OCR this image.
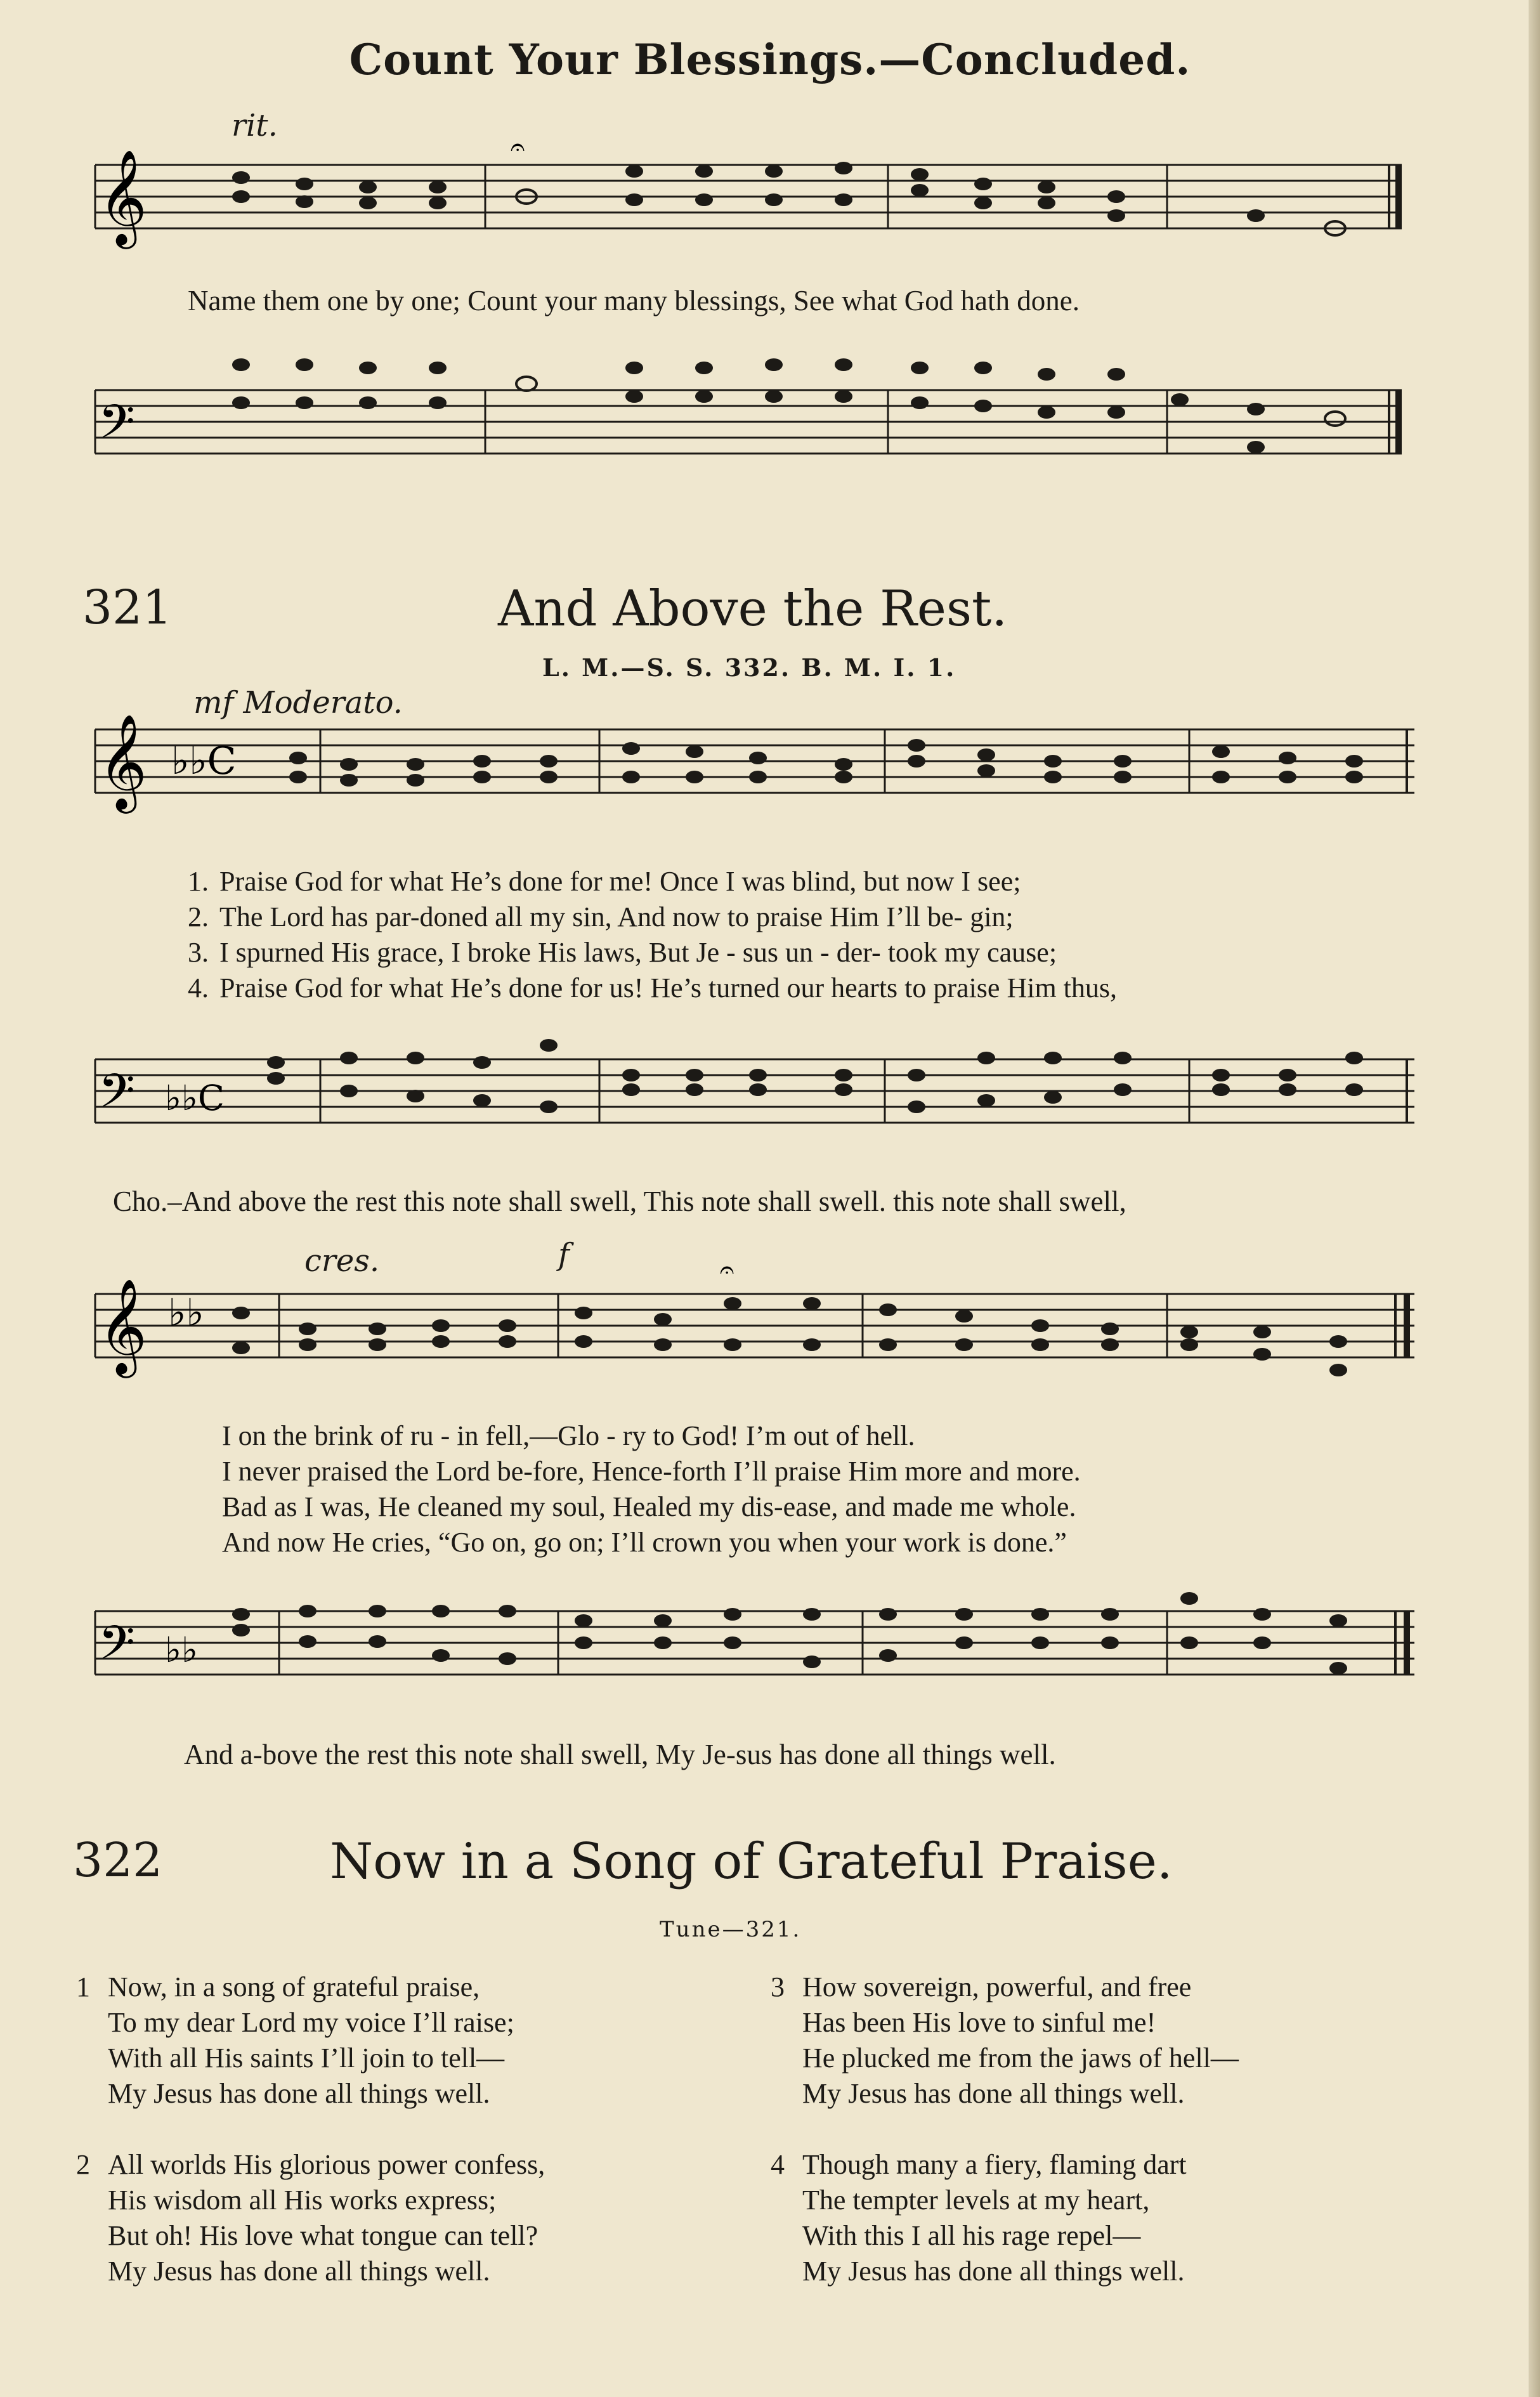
Count Your Blessings.—Concluded.
rit.
𝄞
𝄐
Name them one by one; Count your many blessings, See what God hath done.
𝄢
321	And Above the Rest.
L. M.—S. S. 332. B. M. I. 1.
mf Moderato.
𝄞 ♭♭C
1. Praise God for what He’s done for me! Once I was blind, but now I see;
2. The Lord has par-doned all my sin, And now to praise Him I’ll be- gin;
3. I spurned His grace, I broke His laws, But Je - sus un - der- took my cause;
4. Praise God for what He’s done for us! He’s turned our hearts to praise Him thus,
𝄢 ♭♭C
Cho.–And above the rest this note shall swell, This note shall swell. this note shall swell,
cres.	f
𝄞 ♭♭
𝄐
I on the brink of ru - in fell,—Glo - ry to God! I’m out of hell.
I never praised the Lord be-fore, Hence-forth I’ll praise Him more and more.
Bad as I was, He cleaned my soul, Healed my dis-ease, and made me whole.
And now He cries, “Go on, go on; I’ll crown you when your work is done.”
𝄢 ♭♭
And a-bove the rest this note shall swell, My Je-sus has done all things well.
322	Now in a Song of Grateful Praise.
Tune—321.
1 Now, in a song of grateful praise,
To my dear Lord my voice I’ll raise;
With all His saints I’ll join to tell—
My Jesus has done all things well.
3 How sovereign, powerful, and free
Has been His love to sinful me!
He plucked me from the jaws of hell—
My Jesus has done all things well.
2 All worlds His glorious power confess,
His wisdom all His works express;
But oh! His love what tongue can tell?
My Jesus has done all things well.
4 Though many a fiery, flaming dart
The tempter levels at my heart,
With this I all his rage repel—
My Jesus has done all things well.
